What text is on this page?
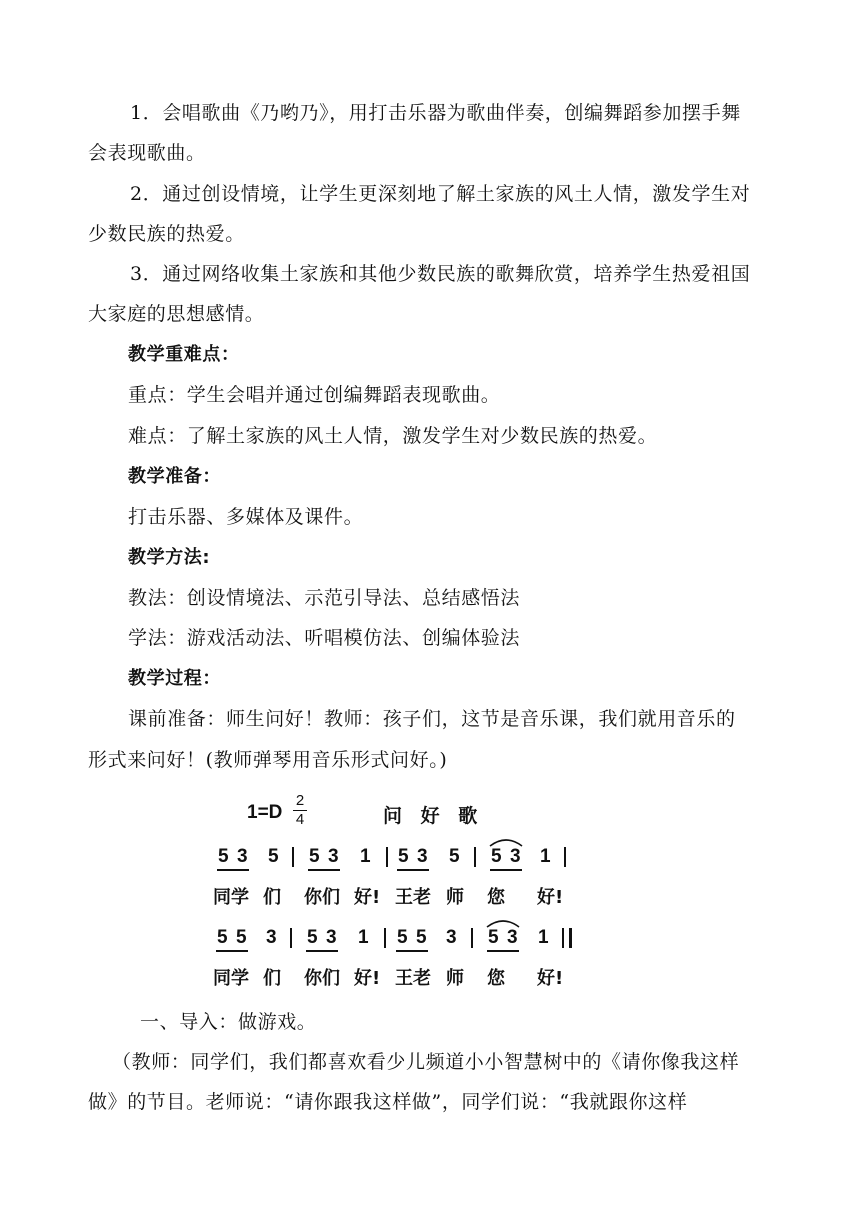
1．会唱歌曲《乃哟乃》，用打击乐器为歌曲伴奏，创编舞蹈参加摆手舞
会表现歌曲。
2．通过创设情境，让学生更深刻地了解土家族的风土人情，激发学生对
少数民族的热爱。
3．通过网络收集土家族和其他少数民族的歌舞欣赏，培养学生热爱祖国
大家庭的思想感情。
教学重难点：
重点：学生会唱并通过创编舞蹈表现歌曲。
难点：了解土家族的风土人情，激发学生对少数民族的热爱。
教学准备：
打击乐器、多媒体及课件。
教学方法:
教法：创设情境法、示范引导法、总结感悟法
学法：游戏活动法、听唱模仿法、创编体验法
教学过程：
课前准备：师生问好！教师：孩子们，这节是音乐课，我们就用音乐的
形式来问好！(教师弹琴用音乐形式问好。)
$1=D \frac{2}{4}$	问 好 歌
5 3 5 5 3 1 5 3 5 5 3 1
同学 们 你们 好! 王老 师 您 好!
5 5 3 5 3 1 5 5 3 5 3 1
同学 们 你们 好! 王老 师 您 好!
一、导入：做游戏。
（教师：同学们，我们都喜欢看少儿频道小小智慧树中的《请你像我这样
做》的节目。老师说：“请你跟我这样做”，同学们说：“我就跟你这样
